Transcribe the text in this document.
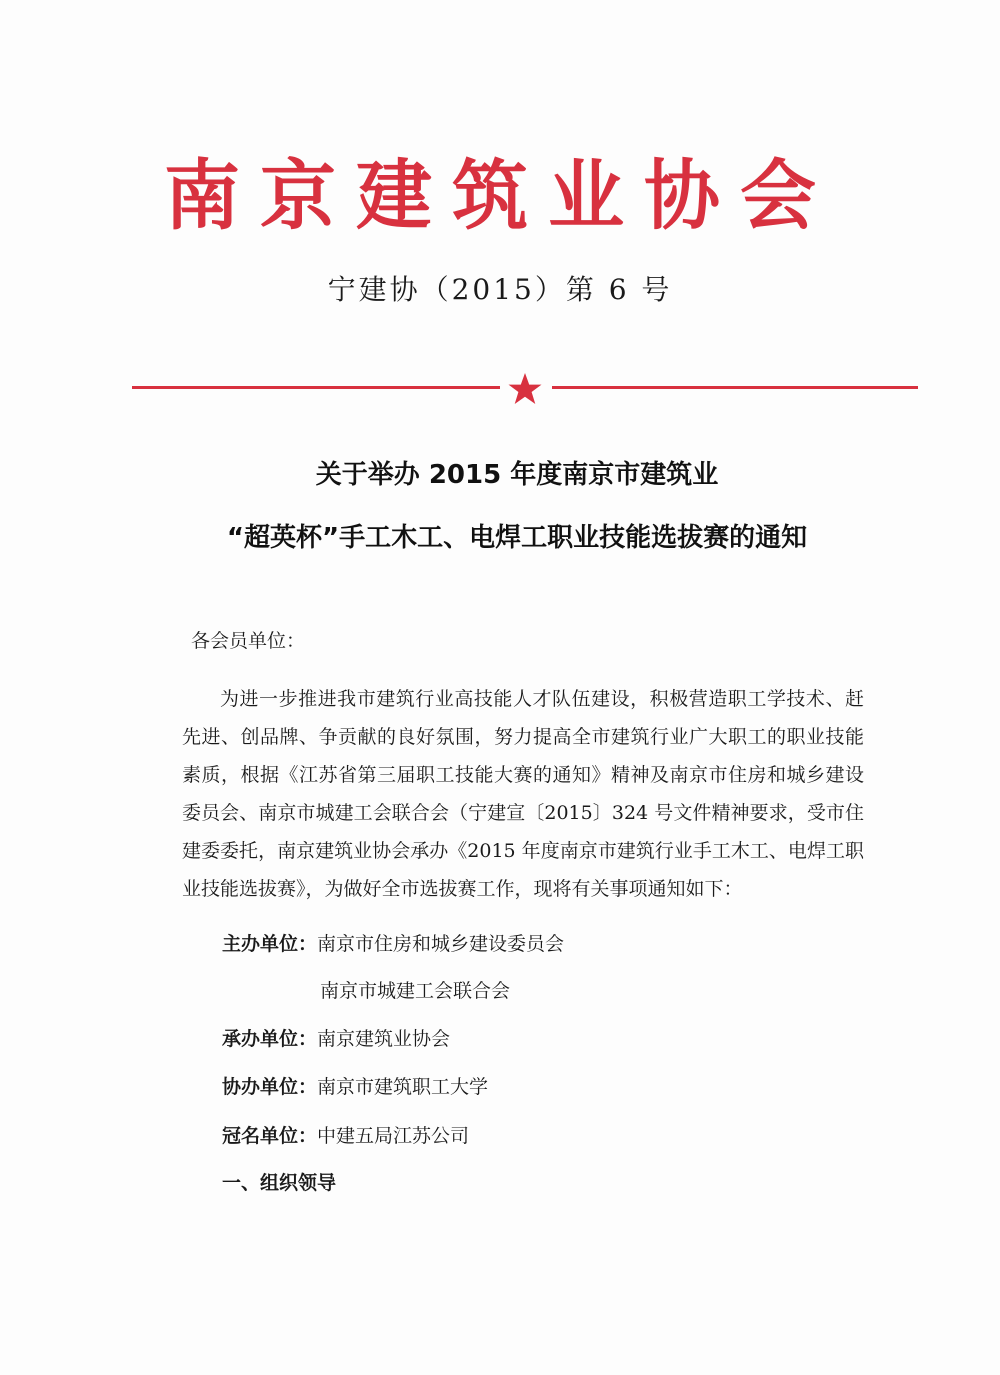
南京建筑业协会
宁建协（2015）第 6 号
关于举办 2015 年度南京市建筑业
“超英杯”手工木工、电焊工职业技能选拔赛的通知
各会员单位：
为进一步推进我市建筑行业高技能人才队伍建设，积极营造职工学技术、赶先进、创品牌、争贡献的良好氛围，努力提高全市建筑行业广大职工的职业技能素质，根据《江苏省第三届职工技能大赛的通知》精神及南京市住房和城乡建设委员会、南京市城建工会联合会（宁建宣〔2015〕324 号文件精神要求，受市住建委委托，南京建筑业协会承办《2015 年度南京市建筑行业手工木工、电焊工职业技能选拔赛》，为做好全市选拔赛工作，现将有关事项通知如下：
主办单位：南京市住房和城乡建设委员会
南京市城建工会联合会
承办单位：南京建筑业协会
协办单位：南京市建筑职工大学
冠名单位：中建五局江苏公司
一、组织领导
